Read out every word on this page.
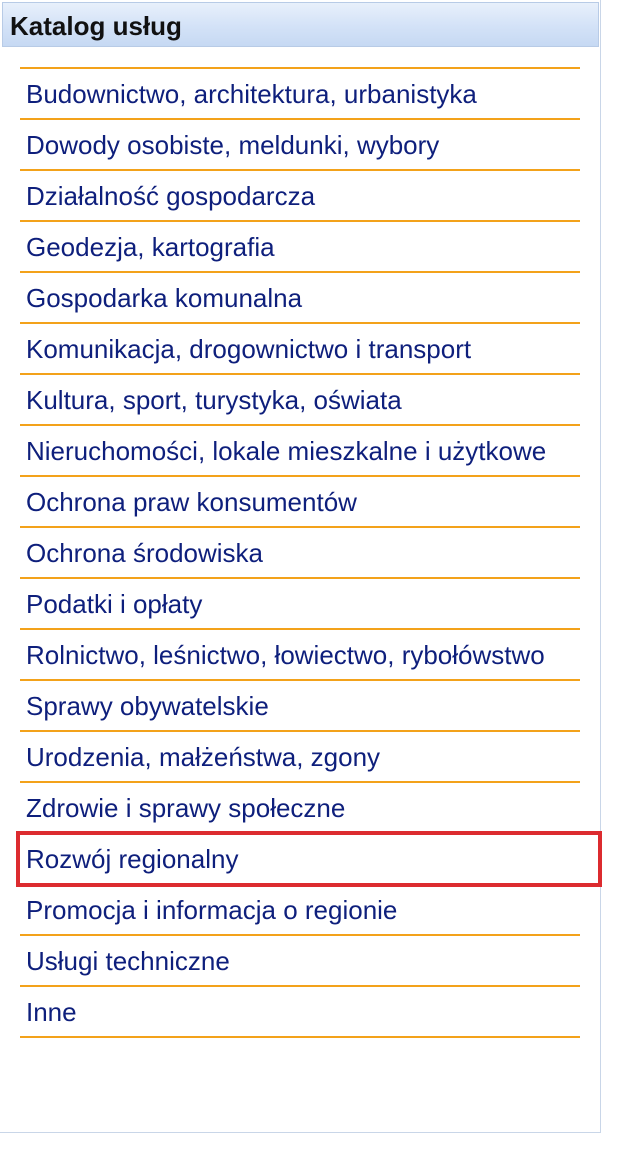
Katalog usług
Budownictwo, architektura, urbanistyka
Dowody osobiste, meldunki, wybory
Działalność gospodarcza
Geodezja, kartografia
Gospodarka komunalna
Komunikacja, drogownictwo i transport
Kultura, sport, turystyka, oświata
Nieruchomości, lokale mieszkalne i użytkowe
Ochrona praw konsumentów
Ochrona środowiska
Podatki i opłaty
Rolnictwo, leśnictwo, łowiectwo, rybołówstwo
Sprawy obywatelskie
Urodzenia, małżeństwa, zgony
Zdrowie i sprawy społeczne
Rozwój regionalny
Promocja i informacja o regionie
Usługi techniczne
Inne
